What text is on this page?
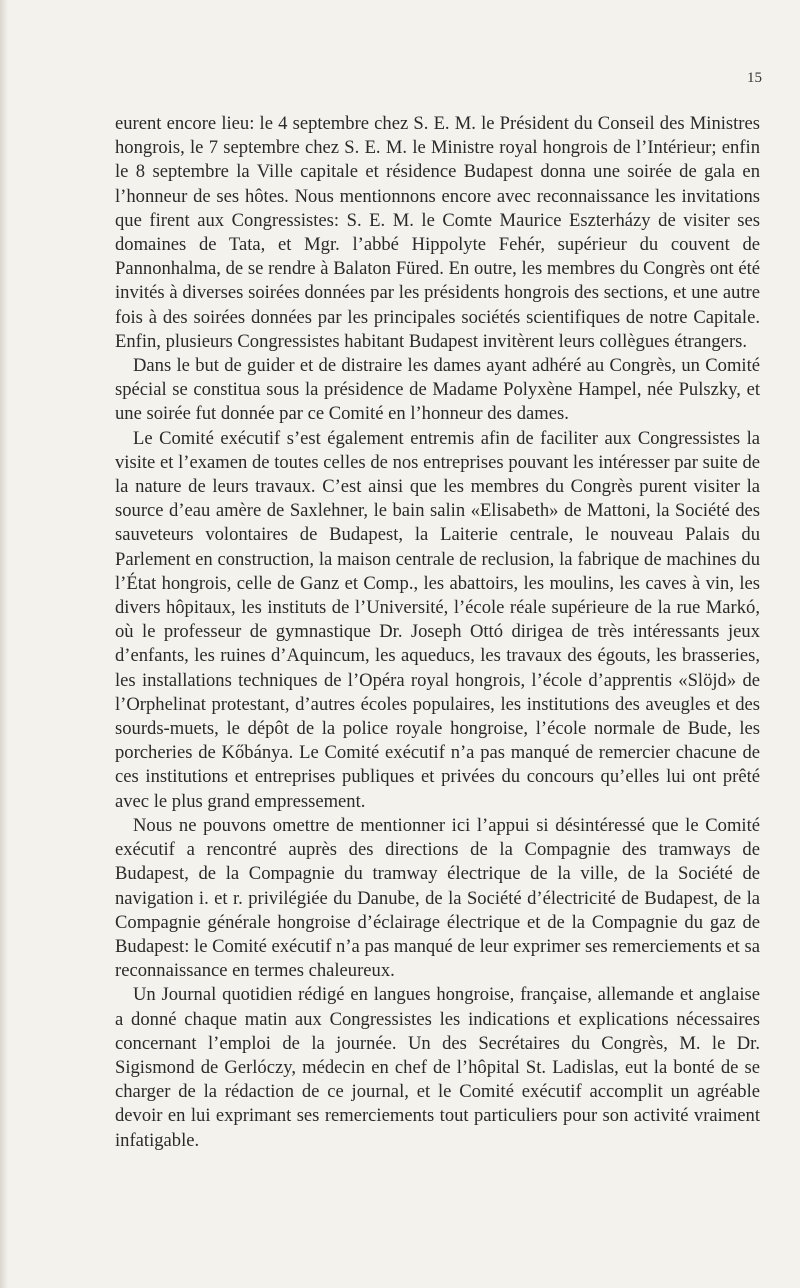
15

eurent encore lieu: le 4 septembre chez S. E. M. le Président du Conseil des Ministres hongrois, le 7 septembre chez S. E. M. le Ministre royal hongrois de l’Intérieur; enfin le 8 septembre la Ville capitale et résidence Budapest donna une soirée de gala en l’honneur de ses hôtes. Nous mentionnons encore avec reconnaissance les invitations que firent aux Congressistes: S. E. M. le Comte Maurice Eszterházy de visiter ses domaines de Tata, et Mgr. l’abbé Hippolyte Fehér, supérieur du couvent de Pannonhalma, de se rendre à Balaton Füred. En outre, les membres du Congrès ont été invités à diverses soirées données par les présidents hongrois des sections, et une autre fois à des soirées données par les principales sociétés scientifiques de notre Capitale. Enfin, plusieurs Congressistes habitant Budapest invitèrent leurs collègues étrangers.

Dans le but de guider et de distraire les dames ayant adhéré au Congrès, un Comité spécial se constitua sous la présidence de Madame Polyxène Hampel, née Pulszky, et une soirée fut donnée par ce Comité en l’honneur des dames.

Le Comité exécutif s’est également entremis afin de faciliter aux Congressistes la visite et l’examen de toutes celles de nos entreprises pouvant les intéresser par suite de la nature de leurs travaux. C’est ainsi que les membres du Congrès purent visiter la source d’eau amère de Saxlehner, le bain salin «Elisabeth» de Mattoni, la Société des sauveteurs volontaires de Budapest, la Laiterie centrale, le nouveau Palais du Parlement en construction, la maison centrale de reclusion, la fabrique de machines du l’État hongrois, celle de Ganz et Comp., les abattoirs, les moulins, les caves à vin, les divers hôpitaux, les instituts de l’Université, l’école réale supérieure de la rue Markó, où le professeur de gymnastique Dr. Joseph Ottó dirigea de très intéressants jeux d’enfants, les ruines d’Aquincum, les aqueducs, les travaux des égouts, les brasseries, les installations techniques de l’Opéra royal hongrois, l’école d’apprentis «Slöjd» de l’Orphelinat protestant, d’autres écoles populaires, les institutions des aveugles et des sourds-muets, le dépôt de la police royale hongroise, l’école normale de Bude, les porcheries de Kőbánya. Le Comité exécutif n’a pas manqué de remercier chacune de ces institutions et entreprises publiques et privées du concours qu’elles lui ont prêté avec le plus grand empressement.

Nous ne pouvons omettre de mentionner ici l’appui si désintéressé que le Comité exécutif a rencontré auprès des directions de la Compagnie des tramways de Budapest, de la Compagnie du tramway électrique de la ville, de la Société de navigation i. et r. privilégiée du Danube, de la Société d’électricité de Budapest, de la Compagnie générale hongroise d’éclairage électrique et de la Compagnie du gaz de Budapest: le Comité exécutif n’a pas manqué de leur exprimer ses remerciements et sa reconnaissance en termes chaleureux.

Un Journal quotidien rédigé en langues hongroise, française, allemande et anglaise a donné chaque matin aux Congressistes les indications et explications nécessaires concernant l’emploi de la journée. Un des Secrétaires du Congrès, M. le Dr. Sigismond de Gerlóczy, médecin en chef de l’hôpital St. Ladislas, eut la bonté de se charger de la rédaction de ce journal, et le Comité exécutif accomplit un agréable devoir en lui exprimant ses remerciements tout particuliers pour son activité vraiment infatigable.
